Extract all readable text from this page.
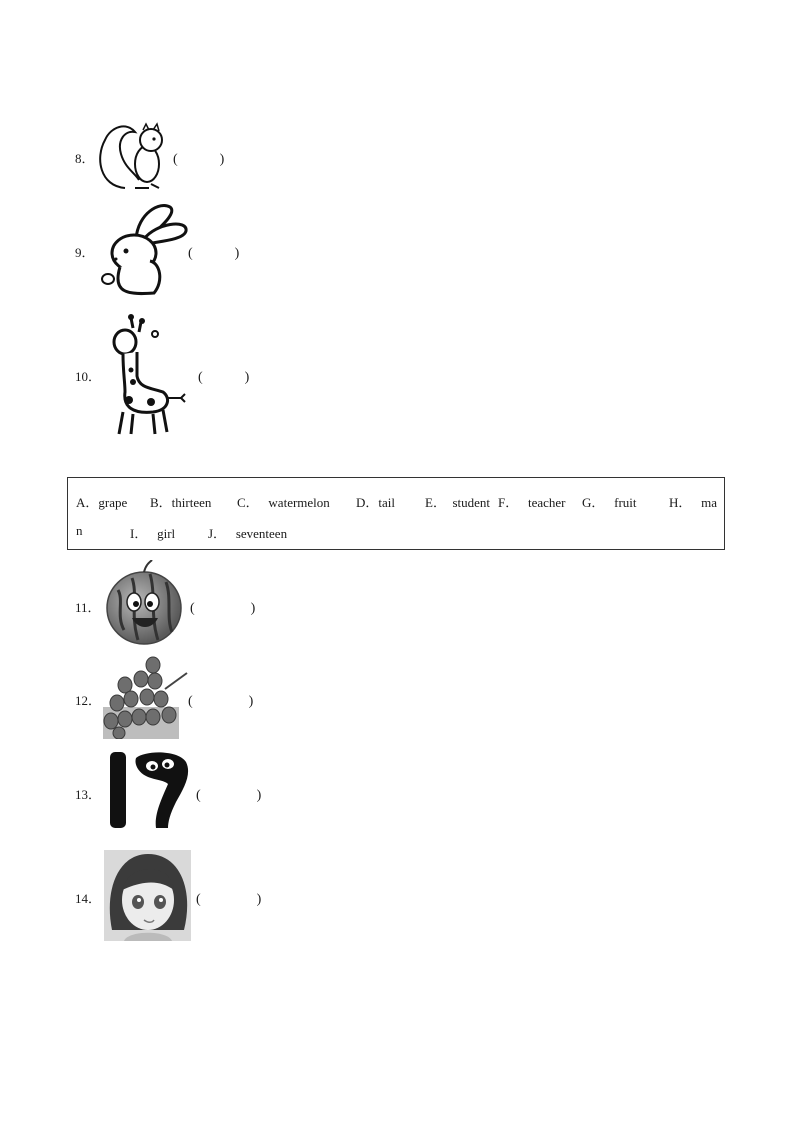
8．	(　　　)
9．	(　　　)
10．	(　　　)
A．grape B．thirteen C． watermelon D．tail E． student F． teacher G． fruit H． ma
n	I． girl	J． seventeen
11．	(　　　　)
12．	(　　　　)
13．	(　　　　)
14．	(　　　　)
